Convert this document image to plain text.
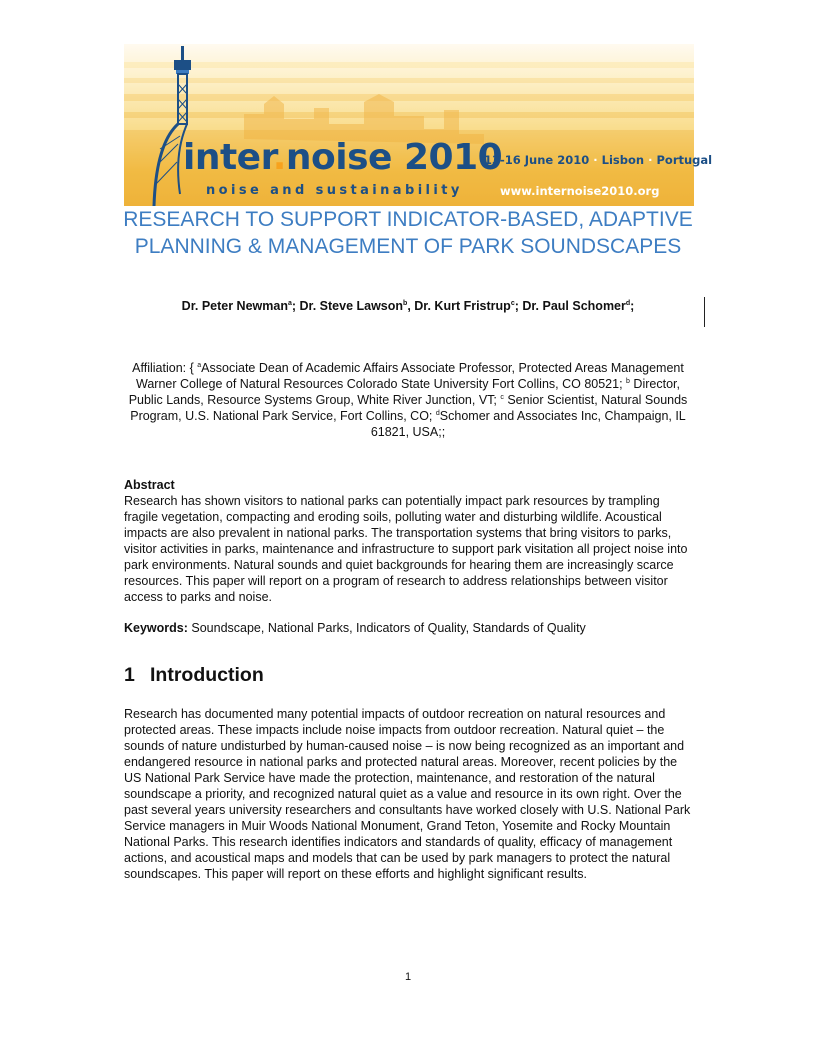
inter.noise 2010
noise and sustainability
13-16 June 2010 · Lisbon · Portugal
www.internoise2010.org
RESEARCH TO SUPPORT INDICATOR-BASED, ADAPTIVE PLANNING & MANAGEMENT OF PARK SOUNDSCAPES
Dr. Peter Newman$^a$; Dr. Steve Lawson$^b$, Dr. Kurt Fristrup$^c$; Dr. Paul Schomer$^d$;
Affiliation: { $^a$Associate Dean of Academic Affairs Associate Professor, Protected Areas Management Warner College of Natural Resources Colorado State University Fort Collins, CO 80521; $^b$ Director, Public Lands, Resource Systems Group, White River Junction, VT; $^c$ Senior Scientist, Natural Sounds Program, U.S. National Park Service, Fort Collins, CO; $^d$Schomer and Associates Inc, Champaign, IL 61821, USA;;
Abstract

Research has shown visitors to national parks can potentially impact park resources by trampling fragile vegetation, compacting and eroding soils, polluting water and disturbing wildlife. Acoustical impacts are also prevalent in national parks. The transportation systems that bring visitors to parks, visitor activities in parks, maintenance and infrastructure to support park visitation all project noise into park environments. Natural sounds and quiet backgrounds for hearing them are increasingly scarce resources. This paper will report on a program of research to address relationships between visitor access to parks and noise.

Keywords: Soundscape, National Parks, Indicators of Quality, Standards of Quality

1 Introduction

Research has documented many potential impacts of outdoor recreation on natural resources and protected areas. These impacts include noise impacts from outdoor recreation. Natural quiet – the sounds of nature undisturbed by human-caused noise – is now being recognized as an important and endangered resource in national parks and protected natural areas. Moreover, recent policies by the US National Park Service have made the protection, maintenance, and restoration of the natural soundscape a priority, and recognized natural quiet as a value and resource in its own right. Over the past several years university researchers and consultants have worked closely with U.S. National Park Service managers in Muir Woods National Monument, Grand Teton, Yosemite and Rocky Mountain National Parks. This research identifies indicators and standards of quality, efficacy of management actions, and acoustical maps and models that can be used by park managers to protect the natural soundscapes. This paper will report on these efforts and highlight significant results.

1
